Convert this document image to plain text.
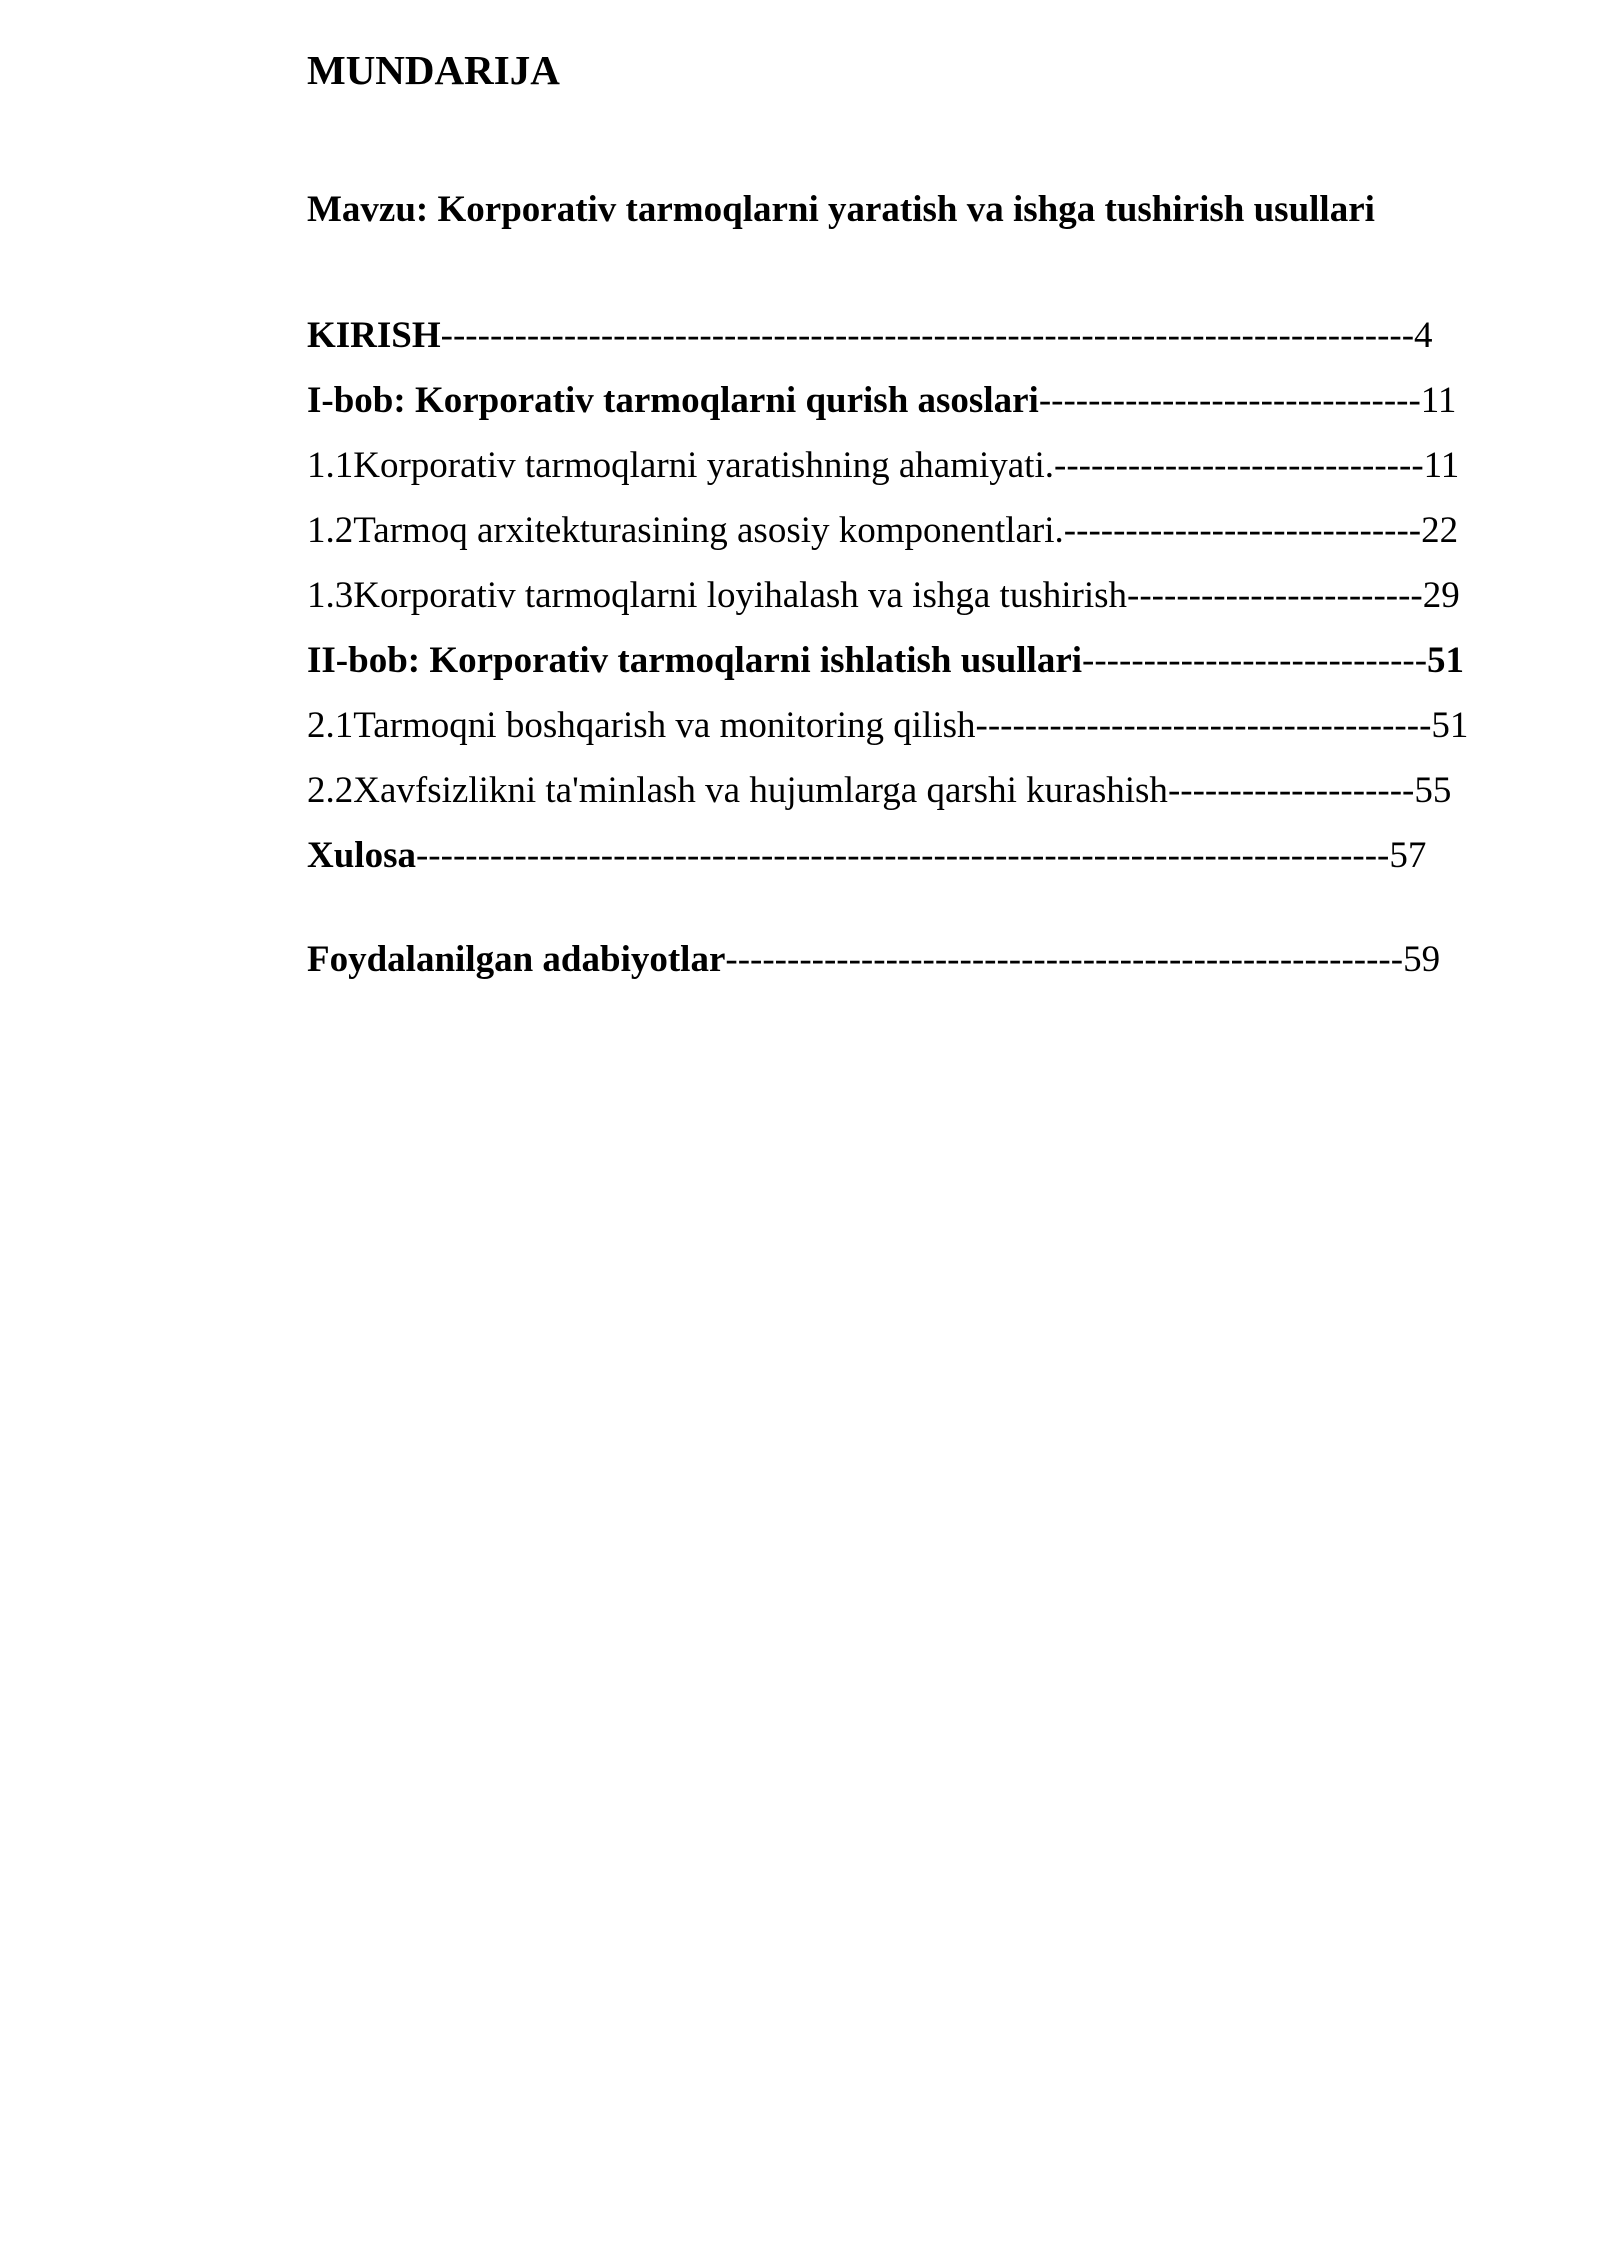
MUNDARIJA
Mavzu: Korporativ tarmoqlarni yaratish va ishga tushirish usullari
KIRISH-------------------------------------------------------------------------------4
I-bob: Korporativ tarmoqlarni qurish asoslari-------------------------------11
1.1Korporativ tarmoqlarni yaratishning ahamiyati.------------------------------11
1.2Tarmoq arxitekturasining asosiy komponentlari.-----------------------------22
1.3Korporativ tarmoqlarni loyihalash va ishga tushirish------------------------29
II-bob: Korporativ tarmoqlarni ishlatish usullari----------------------------51
2.1Tarmoqni boshqarish va monitoring qilish-------------------------------------51
2.2Xavfsizlikni ta'minlash va hujumlarga qarshi kurashish--------------------55
Xulosa-------------------------------------------------------------------------------57
Foydalanilgan adabiyotlar-------------------------------------------------------59
